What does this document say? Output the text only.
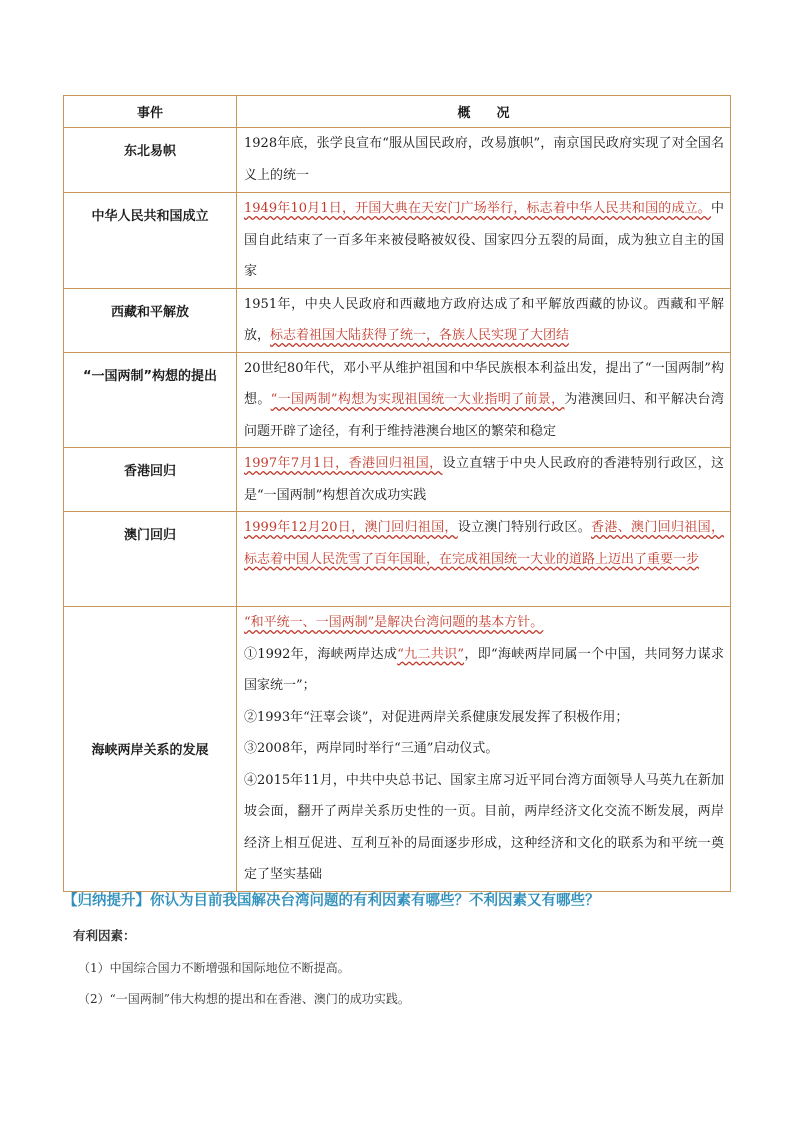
事件	概　　况
东北易帜	1928年底，张学良宣布“服从国民政府，改易旗帜”，南京国民政府实现了对全国名义上的统一
中华人民共和国成立	1949年10月1日，开国大典在天安门广场举行，标志着中华人民共和国的成立。中国自此结束了一百多年来被侵略被奴役、国家四分五裂的局面，成为独立自主的国家
西藏和平解放	1951年，中央人民政府和西藏地方政府达成了和平解放西藏的协议。西藏和平解放，标志着祖国大陆获得了统一，各族人民实现了大团结
“一国两制”构想的提出	20世纪80年代，邓小平从维护祖国和中华民族根本利益出发，提出了“一国两制”构想。“一国两制”构想为实现祖国统一大业指明了前景，为港澳回归、和平解决台湾问题开辟了途径，有利于维持港澳台地区的繁荣和稳定
香港回归	1997年7月1日，香港回归祖国，设立直辖于中央人民政府的香港特别行政区，这是“一国两制”构想首次成功实践
澳门回归	1999年12月20日，澳门回归祖国，设立澳门特别行政区。香港、澳门回归祖国，标志着中国人民洗雪了百年国耻，在完成祖国统一大业的道路上迈出了重要一步
海峡两岸关系的发展	“和平统一、一国两制”是解决台湾问题的基本方针。
①1992年，海峡两岸达成“九二共识”，即“海峡两岸同属一个中国，共同努力谋求国家统一”；
②1993年“汪辜会谈”，对促进两岸关系健康发展发挥了积极作用；
③2008年，两岸同时举行“三通”启动仪式。
④2015年11月，中共中央总书记、国家主席习近平同台湾方面领导人马英九在新加坡会面，翻开了两岸关系历史性的一页。目前，两岸经济文化交流不断发展，两岸经济上相互促进、互利互补的局面逐步形成，这种经济和文化的联系为和平统一奠定了坚实基础
【归纳提升】你认为目前我国解决台湾问题的有利因素有哪些？不利因素又有哪些？
有利因素：
（1）中国综合国力不断增强和国际地位不断提高。
（2）“一国两制”伟大构想的提出和在香港、澳门的成功实践。
